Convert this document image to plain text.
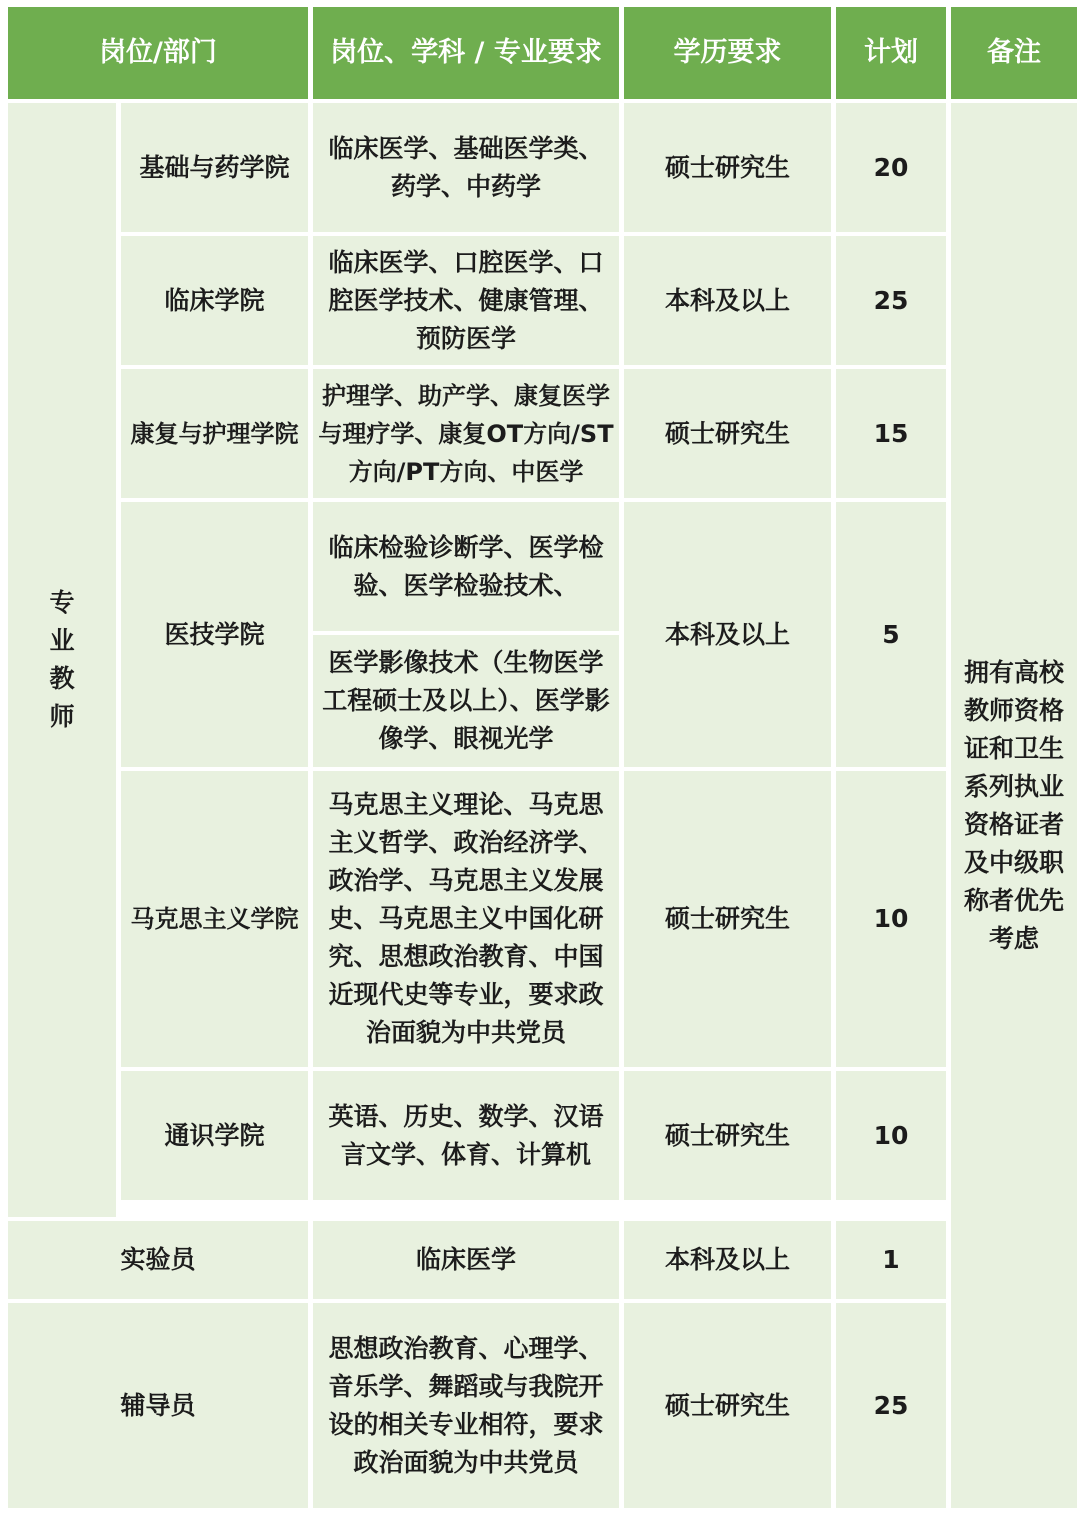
岗位/部门		岗位、学科 / 专业要求	学历要求	计划	备注

专业教师	基础与药学院	临床医学、基础医学类、药学、中药学	硕士研究生	20	拥有高校教师资格证和卫生系列执业资格证者及中级职称者优先考虑
	临床学院	临床医学、口腔医学、口腔医学技术、健康管理、预防医学	本科及以上	25	
	康复与护理学院	护理学、助产学、康复医学与理疗学、康复OT方向/ST方向/PT方向、中医学	硕士研究生	15	
	医技学院	临床检验诊断学、医学检验、医学检验技术、	本科及以上	5	
		医学影像技术（生物医学工程硕士及以上）、医学影像学、眼视光学			
	马克思主义学院	马克思主义理论、马克思主义哲学、政治经济学、政治学、马克思主义发展史、马克思主义中国化研究、思想政治教育、中国近现代史等专业，要求政治面貌为中共党员	硕士研究生	10	
	通识学院	英语、历史、数学、汉语言文学、体育、计算机	硕士研究生	10	

实验员		临床医学	本科及以上	1	
辅导员		思想政治教育、心理学、音乐学、舞蹈或与我院开设的相关专业相符，要求政治面貌为中共党员	硕士研究生	25	
